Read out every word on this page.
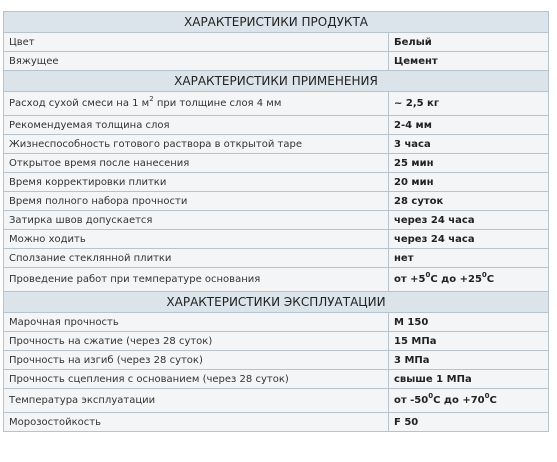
ХАРАКТЕРИСТИКИ ПРОДУКТА	
Цвет	Белый
Вяжущее	Цемент
ХАРАКТЕРИСТИКИ ПРИМЕНЕНИЯ	
Расход сухой смеси на 1 $м^2$ при толщине слоя 4 мм	~ 2,5 кг
Рекомендуемая толщина слоя	2-4 мм
Жизнеспособность готового раствора в открытой таре	3 часа
Открытое время после нанесения	25 мин
Время корректировки плитки	20 мин
Время полного набора прочности	28 суток
Затирка швов допускается	через 24 часа
Можно ходить	через 24 часа
Сползание стеклянной плитки	нет
Проведение работ при температуре основания	от $+5^0С$ до $+25^0С$
ХАРАКТЕРИСТИКИ ЭКСПЛУАТАЦИИ	
Марочная прочность	М 150
Прочность на сжатие (через 28 суток)	15 МПа
Прочность на изгиб (через 28 суток)	3 МПа
Прочность сцепления с основанием (через 28 суток)	свыше 1 МПа
Температура эксплуатации	от $-50^0С$ до $+70^0С$
Морозостойкость	F 50
